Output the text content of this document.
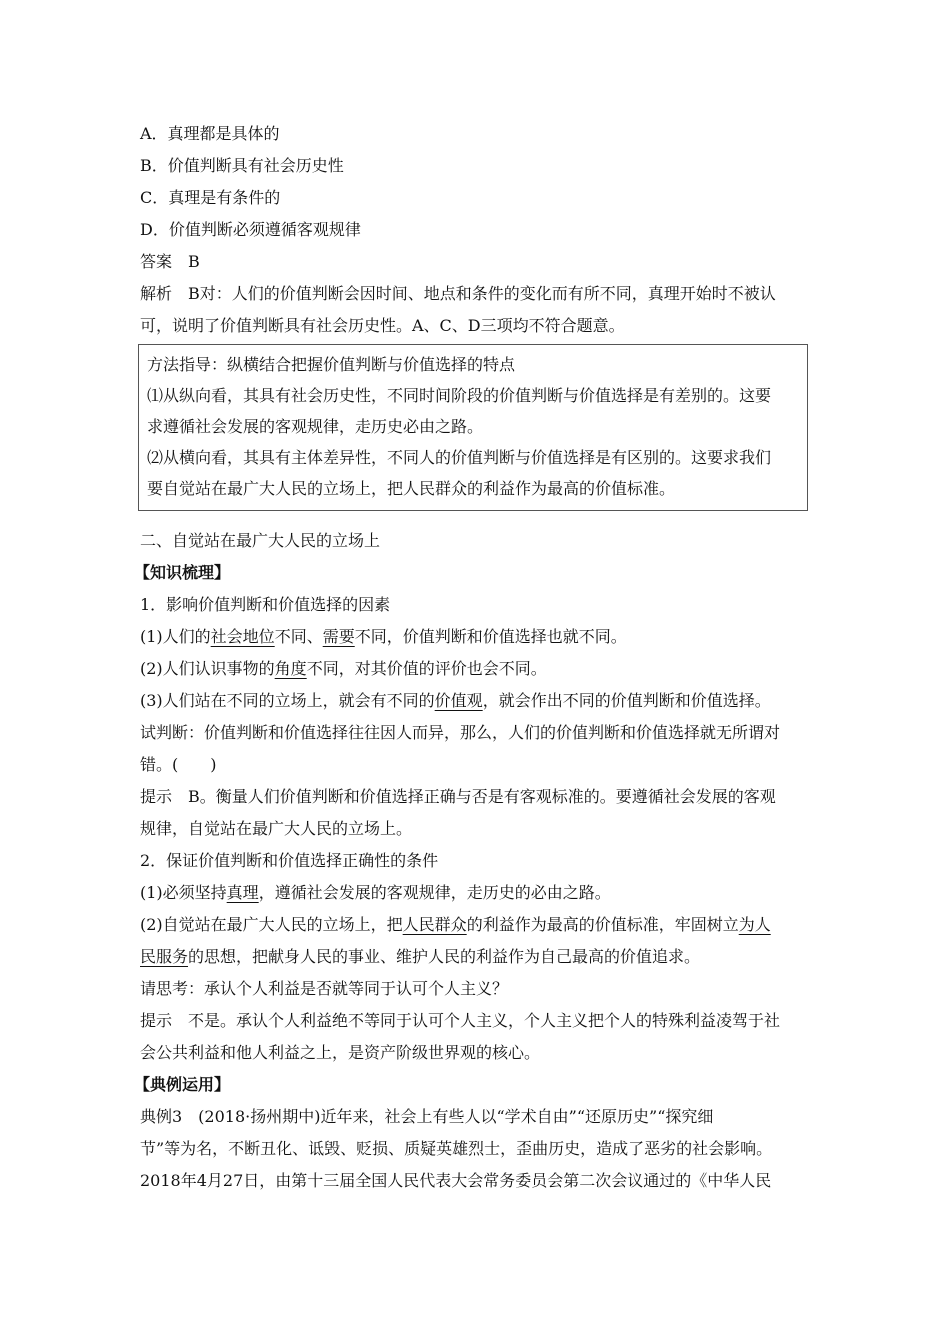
A．真理都是具体的
B．价值判断具有社会历史性
C．真理是有条件的
D．价值判断必须遵循客观规律
答案　 B
解析　 B对：人们的价值判断会因时间、地点和条件的变化而有所不同，真理开始时不被认
可，说明了价值判断具有社会历史性。A、C、D三项均不符合题意。
方法指导：纵横结合把握价值判断与价值选择的特点
⑴从纵向看，其具有社会历史性，不同时间阶段的价值判断与价值选择是有差别的。这要
求遵循社会发展的客观规律，走历史必由之路。
⑵从横向看，其具有主体差异性，不同人的价值判断与价值选择是有区别的。这要求我们
要自觉站在最广大人民的立场上，把人民群众的利益作为最高的价值标准。
二、自觉站在最广大人民的立场上
【知识梳理】
1．影响价值判断和价值选择的因素
(1)人们的社会地位不同、需要不同，价值判断和价值选择也就不同。
(2)人们认识事物的角度不同，对其价值的评价也会不同。
(3)人们站在不同的立场上，就会有不同的价值观，就会作出不同的价值判断和价值选择。
试判断：价值判断和价值选择往往因人而异，那么，人们的价值判断和价值选择就无所谓对
错。(　　)
提示　 B。衡量人们价值判断和价值选择正确与否是有客观标准的。要遵循社会发展的客观
规律，自觉站在最广大人民的立场上。
2．保证价值判断和价值选择正确性的条件
(1)必须坚持真理，遵循社会发展的客观规律，走历史的必由之路。
(2)自觉站在最广大人民的立场上，把人民群众的利益作为最高的价值标准，牢固树立为人
民服务的思想，把献身人民的事业、维护人民的利益作为自己最高的价值追求。
请思考：承认个人利益是否就等同于认可个人主义？
提示　 不是。承认个人利益绝不等同于认可个人主义，个人主义把个人的特殊利益凌驾于社
会公共利益和他人利益之上，是资产阶级世界观的核心。
【典例运用】
典例3　(2018·扬州期中)近年来，社会上有些人以“学术自由”“还原历史”“探究细
节”等为名，不断丑化、诋毁、贬损、质疑英雄烈士，歪曲历史，造成了恶劣的社会影响。
2018年4月27日，由第十三届全国人民代表大会常务委员会第二次会议通过的《中华人民
